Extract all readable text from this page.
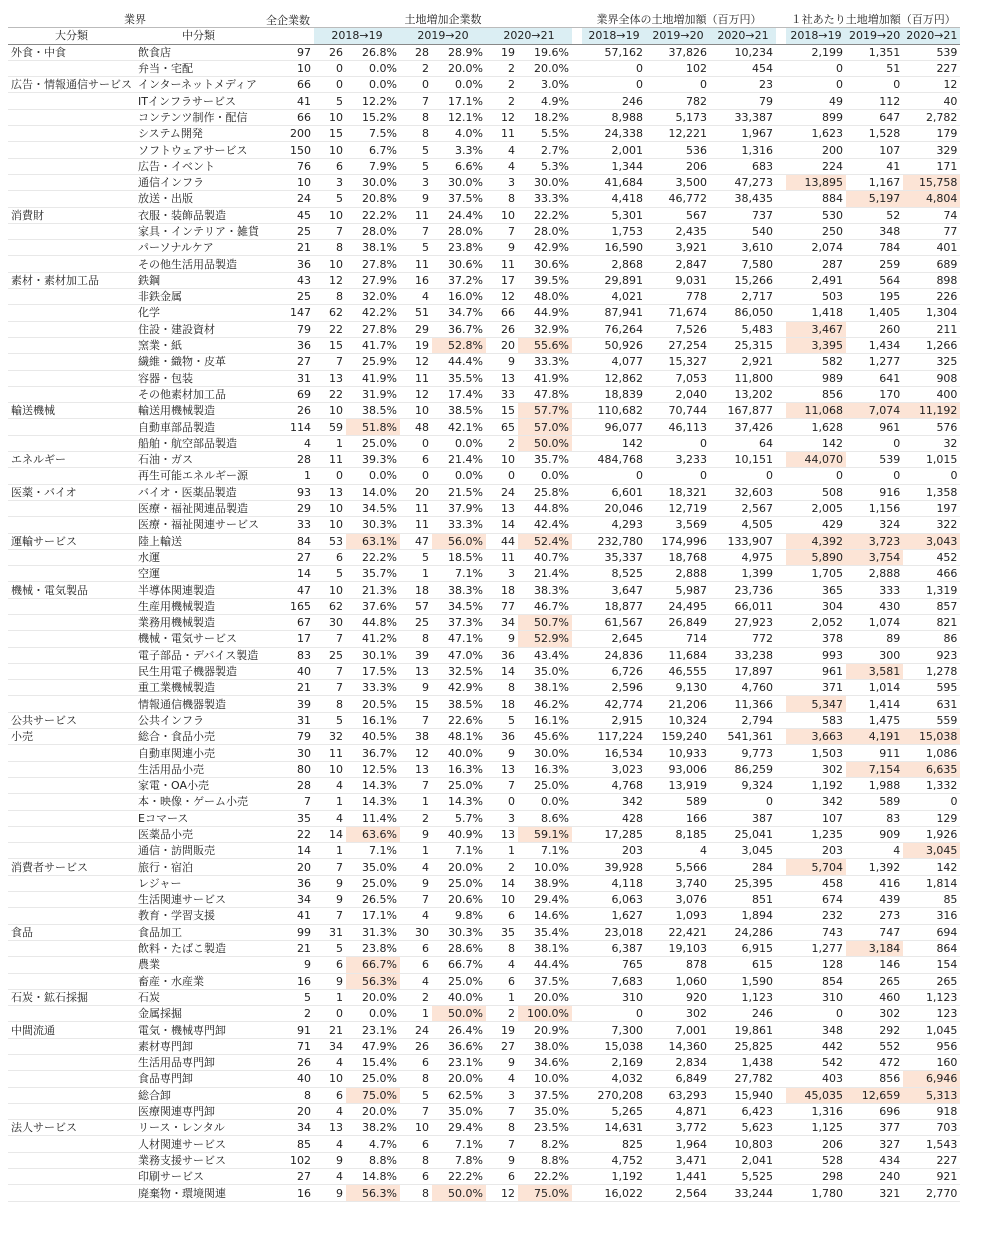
業界			土地増加企業数							業界全体の土地増加額（百万円）				１社あたり土地増加額（百万円）		
大分類	中分類	全企業数	2018→19		2019→20		2020→21			2018→19	2019→20	2020→21		2018→19	2019→20	2020→21
外食・中食	飲食店	97	26	26.8%	28	28.9%	19	19.6%		57,162	37,826	10,234		2,199	1,351	539
	弁当・宅配	10	0	0.0%	2	20.0%	2	20.0%		0	102	454		0	51	227
広告・情報通信サービス	インターネットメディア	66	0	0.0%	0	0.0%	2	3.0%		0	0	23		0	0	12
	ITインフラサービス	41	5	12.2%	7	17.1%	2	4.9%		246	782	79		49	112	40
	コンテンツ制作・配信	66	10	15.2%	8	12.1%	12	18.2%		8,988	5,173	33,387		899	647	2,782
	システム開発	200	15	7.5%	8	4.0%	11	5.5%		24,338	12,221	1,967		1,623	1,528	179
	ソフトウェアサービス	150	10	6.7%	5	3.3%	4	2.7%		2,001	536	1,316		200	107	329
	広告・イベント	76	6	7.9%	5	6.6%	4	5.3%		1,344	206	683		224	41	171
	通信インフラ	10	3	30.0%	3	30.0%	3	30.0%		41,684	3,500	47,273		13,895	1,167	15,758
	放送・出版	24	5	20.8%	9	37.5%	8	33.3%		4,418	46,772	38,435		884	5,197	4,804
消費財	衣服・装飾品製造	45	10	22.2%	11	24.4%	10	22.2%		5,301	567	737		530	52	74
	家具・インテリア・雑貨	25	7	28.0%	7	28.0%	7	28.0%		1,753	2,435	540		250	348	77
	パーソナルケア	21	8	38.1%	5	23.8%	9	42.9%		16,590	3,921	3,610		2,074	784	401
	その他生活用品製造	36	10	27.8%	11	30.6%	11	30.6%		2,868	2,847	7,580		287	259	689
素材・素材加工品	鉄鋼	43	12	27.9%	16	37.2%	17	39.5%		29,891	9,031	15,266		2,491	564	898
	非鉄金属	25	8	32.0%	4	16.0%	12	48.0%		4,021	778	2,717		503	195	226
	化学	147	62	42.2%	51	34.7%	66	44.9%		87,941	71,674	86,050		1,418	1,405	1,304
	住設・建設資材	79	22	27.8%	29	36.7%	26	32.9%		76,264	7,526	5,483		3,467	260	211
	窯業・紙	36	15	41.7%	19	52.8%	20	55.6%		50,926	27,254	25,315		3,395	1,434	1,266
	繊維・織物・皮革	27	7	25.9%	12	44.4%	9	33.3%		4,077	15,327	2,921		582	1,277	325
	容器・包装	31	13	41.9%	11	35.5%	13	41.9%		12,862	7,053	11,800		989	641	908
	その他素材加工品	69	22	31.9%	12	17.4%	33	47.8%		18,839	2,040	13,202		856	170	400
輸送機械	輸送用機械製造	26	10	38.5%	10	38.5%	15	57.7%		110,682	70,744	167,877		11,068	7,074	11,192
	自動車部品製造	114	59	51.8%	48	42.1%	65	57.0%		96,077	46,113	37,426		1,628	961	576
	船舶・航空部品製造	4	1	25.0%	0	0.0%	2	50.0%		142	0	64		142	0	32
エネルギー	石油・ガス	28	11	39.3%	6	21.4%	10	35.7%		484,768	3,233	10,151		44,070	539	1,015
	再生可能エネルギー源	1	0	0.0%	0	0.0%	0	0.0%		0	0	0		0	0	0
医薬・バイオ	バイオ・医薬品製造	93	13	14.0%	20	21.5%	24	25.8%		6,601	18,321	32,603		508	916	1,358
	医療・福祉関連品製造	29	10	34.5%	11	37.9%	13	44.8%		20,046	12,719	2,567		2,005	1,156	197
	医療・福祉関連サービス	33	10	30.3%	11	33.3%	14	42.4%		4,293	3,569	4,505		429	324	322
運輸サービス	陸上輸送	84	53	63.1%	47	56.0%	44	52.4%		232,780	174,996	133,907		4,392	3,723	3,043
	水運	27	6	22.2%	5	18.5%	11	40.7%		35,337	18,768	4,975		5,890	3,754	452
	空運	14	5	35.7%	1	7.1%	3	21.4%		8,525	2,888	1,399		1,705	2,888	466
機械・電気製品	半導体関連製造	47	10	21.3%	18	38.3%	18	38.3%		3,647	5,987	23,736		365	333	1,319
	生産用機械製造	165	62	37.6%	57	34.5%	77	46.7%		18,877	24,495	66,011		304	430	857
	業務用機械製造	67	30	44.8%	25	37.3%	34	50.7%		61,567	26,849	27,923		2,052	1,074	821
	機械・電気サービス	17	7	41.2%	8	47.1%	9	52.9%		2,645	714	772		378	89	86
	電子部品・デバイス製造	83	25	30.1%	39	47.0%	36	43.4%		24,836	11,684	33,238		993	300	923
	民生用電子機器製造	40	7	17.5%	13	32.5%	14	35.0%		6,726	46,555	17,897		961	3,581	1,278
	重工業機械製造	21	7	33.3%	9	42.9%	8	38.1%		2,596	9,130	4,760		371	1,014	595
	情報通信機器製造	39	8	20.5%	15	38.5%	18	46.2%		42,774	21,206	11,366		5,347	1,414	631
公共サービス	公共インフラ	31	5	16.1%	7	22.6%	5	16.1%		2,915	10,324	2,794		583	1,475	559
小売	総合・食品小売	79	32	40.5%	38	48.1%	36	45.6%		117,224	159,240	541,361		3,663	4,191	15,038
	自動車関連小売	30	11	36.7%	12	40.0%	9	30.0%		16,534	10,933	9,773		1,503	911	1,086
	生活用品小売	80	10	12.5%	13	16.3%	13	16.3%		3,023	93,006	86,259		302	7,154	6,635
	家電・OA小売	28	4	14.3%	7	25.0%	7	25.0%		4,768	13,919	9,324		1,192	1,988	1,332
	本・映像・ゲーム小売	7	1	14.3%	1	14.3%	0	0.0%		342	589	0		342	589	0
	Eコマース	35	4	11.4%	2	5.7%	3	8.6%		428	166	387		107	83	129
	医薬品小売	22	14	63.6%	9	40.9%	13	59.1%		17,285	8,185	25,041		1,235	909	1,926
	通信・訪問販売	14	1	7.1%	1	7.1%	1	7.1%		203	4	3,045		203	4	3,045
消費者サービス	旅行・宿泊	20	7	35.0%	4	20.0%	2	10.0%		39,928	5,566	284		5,704	1,392	142
	レジャー	36	9	25.0%	9	25.0%	14	38.9%		4,118	3,740	25,395		458	416	1,814
	生活関連サービス	34	9	26.5%	7	20.6%	10	29.4%		6,063	3,076	851		674	439	85
	教育・学習支援	41	7	17.1%	4	9.8%	6	14.6%		1,627	1,093	1,894		232	273	316
食品	食品加工	99	31	31.3%	30	30.3%	35	35.4%		23,018	22,421	24,286		743	747	694
	飲料・たばこ製造	21	5	23.8%	6	28.6%	8	38.1%		6,387	19,103	6,915		1,277	3,184	864
	農業	9	6	66.7%	6	66.7%	4	44.4%		765	878	615		128	146	154
	畜産・水産業	16	9	56.3%	4	25.0%	6	37.5%		7,683	1,060	1,590		854	265	265
石炭・鉱石採掘	石炭	5	1	20.0%	2	40.0%	1	20.0%		310	920	1,123		310	460	1,123
	金属採掘	2	0	0.0%	1	50.0%	2	100.0%		0	302	246		0	302	123
中間流通	電気・機械専門卸	91	21	23.1%	24	26.4%	19	20.9%		7,300	7,001	19,861		348	292	1,045
	素材専門卸	71	34	47.9%	26	36.6%	27	38.0%		15,038	14,360	25,825		442	552	956
	生活用品専門卸	26	4	15.4%	6	23.1%	9	34.6%		2,169	2,834	1,438		542	472	160
	食品専門卸	40	10	25.0%	8	20.0%	4	10.0%		4,032	6,849	27,782		403	856	6,946
	総合卸	8	6	75.0%	5	62.5%	3	37.5%		270,208	63,293	15,940		45,035	12,659	5,313
	医療関連専門卸	20	4	20.0%	7	35.0%	7	35.0%		5,265	4,871	6,423		1,316	696	918
法人サービス	リース・レンタル	34	13	38.2%	10	29.4%	8	23.5%		14,631	3,772	5,623		1,125	377	703
	人材関連サービス	85	4	4.7%	6	7.1%	7	8.2%		825	1,964	10,803		206	327	1,543
	業務支援サービス	102	9	8.8%	8	7.8%	9	8.8%		4,752	3,471	2,041		528	434	227
	印刷サービス	27	4	14.8%	6	22.2%	6	22.2%		1,192	1,441	5,525		298	240	921
	廃棄物・環境関連	16	9	56.3%	8	50.0%	12	75.0%		16,022	2,564	33,244		1,780	321	2,770
